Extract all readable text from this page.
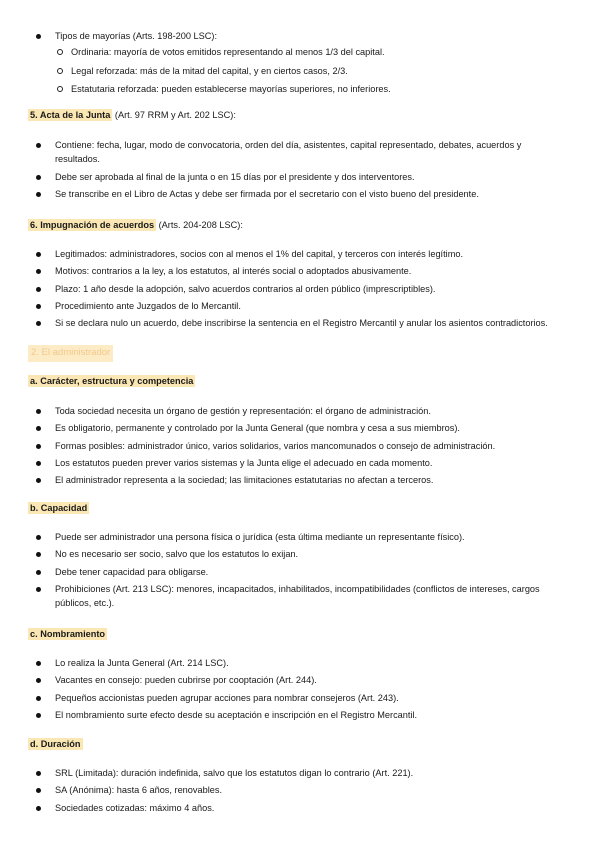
Tipos de mayorías (Arts. 198-200 LSC):
Ordinaria: mayoría de votos emitidos representando al menos 1/3 del capital.
Legal reforzada: más de la mitad del capital, y en ciertos casos, 2/3.
Estatutaria reforzada: pueden establecerse mayorías superiores, no inferiores.
5. Acta de la Junta (Art. 97 RRM y Art. 202 LSC):
Contiene: fecha, lugar, modo de convocatoria, orden del día, asistentes, capital representado, debates, acuerdos y resultados.
Debe ser aprobada al final de la junta o en 15 días por el presidente y dos interventores.
Se transcribe en el Libro de Actas y debe ser firmada por el secretario con el visto bueno del presidente.
6. Impugnación de acuerdos (Arts. 204-208 LSC):
Legitimados: administradores, socios con al menos el 1% del capital, y terceros con interés legítimo.
Motivos: contrarios a la ley, a los estatutos, al interés social o adoptados abusivamente.
Plazo: 1 año desde la adopción, salvo acuerdos contrarios al orden público (imprescriptibles).
Procedimiento ante Juzgados de lo Mercantil.
Si se declara nulo un acuerdo, debe inscribirse la sentencia en el Registro Mercantil y anular los asientos contradictorios.
2. El administrador
a. Carácter, estructura y competencia
Toda sociedad necesita un órgano de gestión y representación: el órgano de administración.
Es obligatorio, permanente y controlado por la Junta General (que nombra y cesa a sus miembros).
Formas posibles: administrador único, varios solidarios, varios mancomunados o consejo de administración.
Los estatutos pueden prever varios sistemas y la Junta elige el adecuado en cada momento.
El administrador representa a la sociedad; las limitaciones estatutarias no afectan a terceros.
b. Capacidad
Puede ser administrador una persona física o jurídica (esta última mediante un representante físico).
No es necesario ser socio, salvo que los estatutos lo exijan.
Debe tener capacidad para obligarse.
Prohibiciones (Art. 213 LSC): menores, incapacitados, inhabilitados, incompatibilidades (conflictos de intereses, cargos públicos, etc.).
c. Nombramiento
Lo realiza la Junta General (Art. 214 LSC).
Vacantes en consejo: pueden cubrirse por cooptación (Art. 244).
Pequeños accionistas pueden agrupar acciones para nombrar consejeros (Art. 243).
El nombramiento surte efecto desde su aceptación e inscripción en el Registro Mercantil.
d. Duración
SRL (Limitada): duración indefinida, salvo que los estatutos digan lo contrario (Art. 221).
SA (Anónima): hasta 6 años, renovables.
Sociedades cotizadas: máximo 4 años.
